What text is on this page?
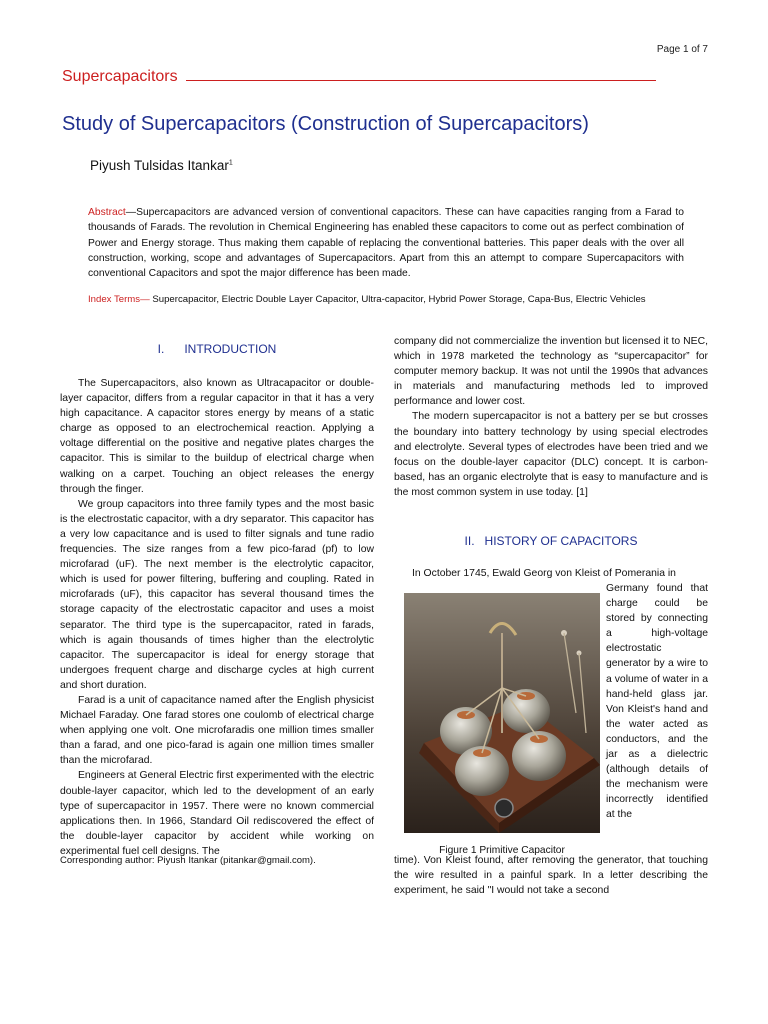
Page 1 of 7
Supercapacitors
Study of Supercapacitors (Construction of Supercapacitors)
Piyush Tulsidas Itankar$^1$
Abstract—Supercapacitors are advanced version of conventional capacitors. These can have capacities ranging from a Farad to thousands of Farads. The revolution in Chemical Engineering has enabled these capacitors to come out as perfect combination of Power and Energy storage. Thus making them capable of replacing the conventional batteries. This paper deals with the over all construction, working, scope and advantages of Supercapacitors. Apart from this an attempt to compare Supercapacitors with conventional Capacitors and spot the major difference has been made.
Index Terms— Supercapacitor, Electric Double Layer Capacitor, Ultra-capacitor, Hybrid Power Storage, Capa-Bus, Electric Vehicles
I.      INTRODUCTION

The Supercapacitors, also known as Ultracapacitor or double-layer capacitor, differs from a regular capacitor in that it has a very high capacitance. A capacitor stores energy by means of a static charge as opposed to an electrochemical reaction. Applying a voltage differential on the positive and negative plates charges the capacitor. This is similar to the buildup of electrical charge when walking on a carpet. Touching an object releases the energy through the finger.

We group capacitors into three family types and the most basic is the electrostatic capacitor, with a dry separator. This capacitor has a very low capacitance and is used to filter signals and tune radio frequencies. The size ranges from a few pico-farad (pf) to low microfarad (uF). The next member is the electrolytic capacitor, which is used for power filtering, buffering and coupling. Rated in microfarads (uF), this capacitor has several thousand times the storage capacity of the electrostatic capacitor and uses a moist separator. The third type is the supercapacitor, rated in farads, which is again thousands of times higher than the electrolytic capacitor. The supercapacitor is ideal for energy storage that undergoes frequent charge and discharge cycles at high current and short duration.

Farad is a unit of capacitance named after the English physicist Michael Faraday. One farad stores one coulomb of electrical charge when applying one volt. One microfaradis one million times smaller than a farad, and one pico-farad is again one million times smaller than the microfarad.

Engineers at General Electric first experimented with the electric double-layer capacitor, which led to the development of an early type of supercapacitor in 1957. There were no known commercial applications then. In 1966, Standard Oil rediscovered the effect of the double-layer capacitor by accident while working on experimental fuel cell designs. The

company did not commercialize the invention but licensed it to NEC, which in 1978 marketed the technology as “supercapacitor” for computer memory backup. It was not until the 1990s that advances in materials and manufacturing methods led to improved performance and lower cost.

The modern supercapacitor is not a battery per se but crosses the boundary into battery technology by using special electrodes and electrolyte. Several types of electrodes have been tried and we focus on the double-layer capacitor (DLC) concept. It is carbon-based, has an organic electrolyte that is easy to manufacture and is the most common system in use today. [1]

II.   HISTORY OF CAPACITORS
In October 1745, Ewald Georg von Kleist of Pomerania in
Figure 1 Primitive Capacitor

Germany found that charge could be stored by connecting a high-voltage electrostatic generator by a wire to a volume of water in a hand-held glass jar. Von Kleist's hand and the water acted as conductors, and the jar as a dielectric (although details of the mechanism were incorrectly identified at the

time). Von Kleist found, after removing the generator, that touching the wire resulted in a painful spark. In a letter describing the experiment, he said "I would not take a second

Corresponding author: Piyush Itankar (pitankar@gmail.com).
